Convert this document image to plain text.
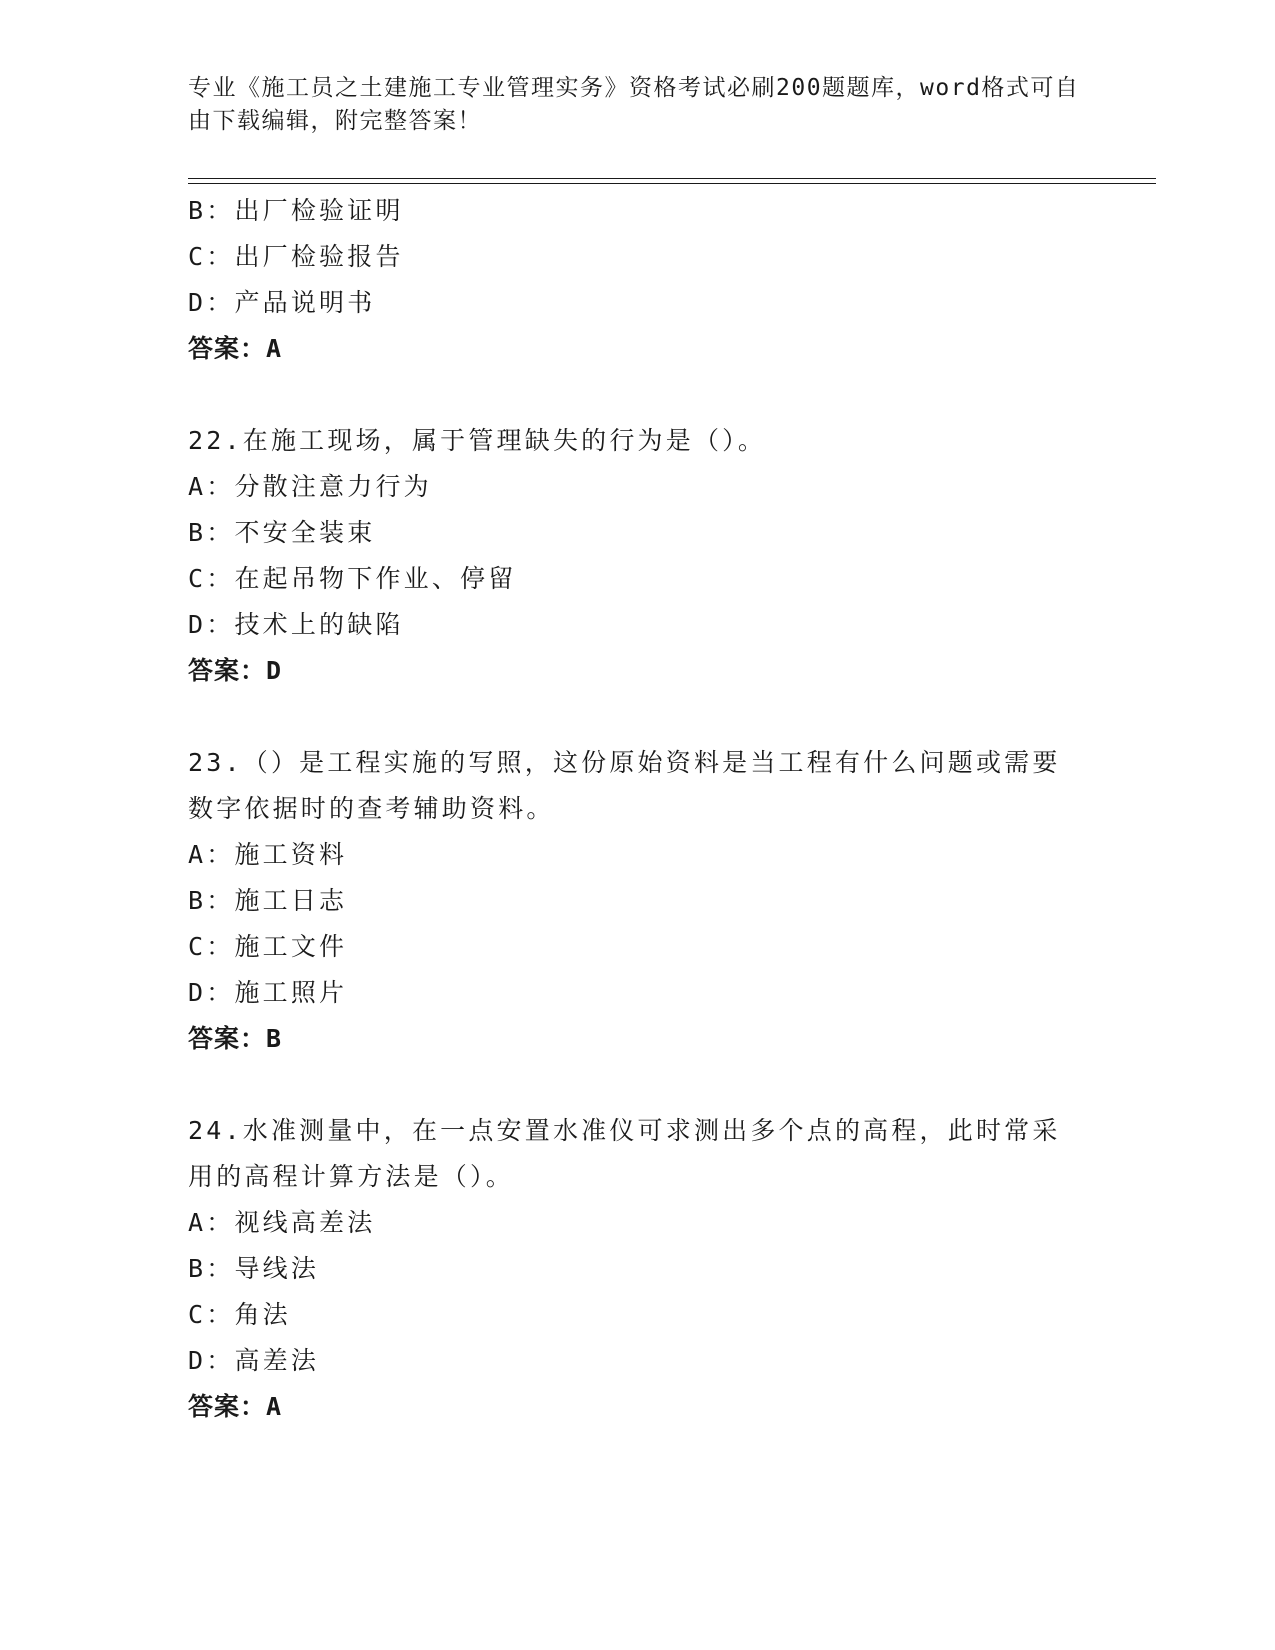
专业《施工员之土建施工专业管理实务》资格考试必刷200题题库，word格式可自由下载编辑，附完整答案！
B：出厂检验证明
C：出厂检验报告
D：产品说明书
答案：A
22.在施工现场，属于管理缺失的行为是（）。
A：分散注意力行为
B：不安全装束
C：在起吊物下作业、停留
D：技术上的缺陷
答案：D
23.（）是工程实施的写照，这份原始资料是当工程有什么问题或需要数字依据时的查考辅助资料。
A：施工资料
B：施工日志
C：施工文件
D：施工照片
答案：B
24.水准测量中，在一点安置水准仪可求测出多个点的高程，此时常采用的高程计算方法是（）。
A：视线高差法
B：导线法
C：角法
D：高差法
答案：A
